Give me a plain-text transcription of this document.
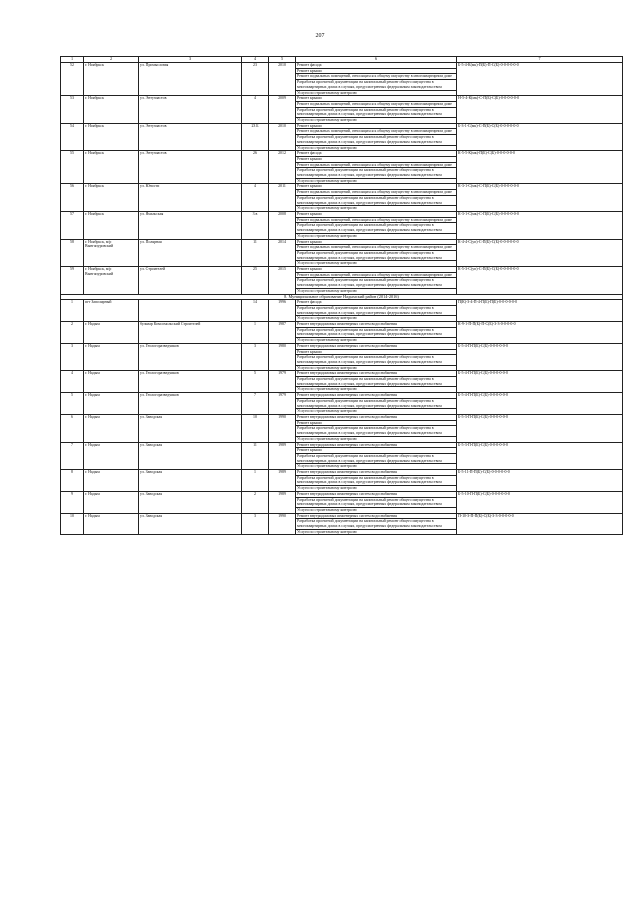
207
1	2	3	4	5	6	7
52	г. Ноябрьск	ул. Промысловая	23	2010	Ремонт фасада	Б-5-4-К(мк)-П(Б)-П-С(Б)-0-0-0-0-0-0
					Ремонт крыши	
					Ремонт подвальных помещений, относящихся к общему имуществу в многоквартирном доме	
					Разработка проектной документации на капитальный ремонт общего имущества в многоквартирных домах в случаях, предусмотренных федеральным законодательством	
					Услуги по строительному контролю	
53	г. Ноябрьск	ул. Энтузиастов	4	2009	Ремонт крыши	Н-5-4-К(мк)-С-П(Б)-С(Б)-0-0-0-0-0-0
					Ремонт подвальных помещений, относящихся к общему имуществу в многоквартирном доме	
					Разработка проектной документации на капитальный ремонт общего имущества в многоквартирных домах в случаях, предусмотренных федеральным законодательством	
					Услуги по строительному контролю	
54	г. Ноябрьск	ул. Энтузиастов	23 Б	2010	Ремонт крыши	Б-3-1-С(мк)-С-П(Б)-С(Б)-0-0-0-0-0-0
					Ремонт подвальных помещений, относящихся к общему имуществу в многоквартирном доме	
					Разработка проектной документации на капитальный ремонт общего имущества в многоквартирных домах в случаях, предусмотренных федеральным законодательством	
					Услуги по строительному контролю	
55	г. Ноябрьск	ул. Энтузиастов	26	2012	Ремонт фасада	К-5-5-К(мк)-П(Б)-С(Б)-0-0-0-0-0-0
					Ремонт крыши	
					Ремонт подвальных помещений, относящихся к общему имуществу в многоквартирном доме	
					Разработка проектной документации на капитальный ремонт общего имущества в многоквартирных домах в случаях, предусмотренных федеральным законодательством	
					Услуги по строительному контролю	
56	г. Ноябрьск	ул. Юности	4	2011	Ремонт крыши	К-3-1-С(мк)-С-П(Б)-С(Б)-0-0-0-0-0-0
					Ремонт подвальных помещений, относящихся к общему имуществу в многоквартирном доме	
					Разработка проектной документации на капитальный ремонт общего имущества в многоквартирных домах в случаях, предусмотренных федеральным законодательством	
					Услуги по строительному контролю	
57	г. Ноябрьск	ул. Ямальская	3 в	2008	Ремонт крыши	К-3-1-С(мк)-С-П(Б)-С(Б)-0-0-0-0-0-0
					Ремонт подвальных помещений, относящихся к общему имуществу в многоквартирном доме	
					Разработка проектной документации на капитальный ремонт общего имущества в многоквартирных домах в случаях, предусмотренных федеральным законодательством	
					Услуги по строительному контролю	
58	г. Ноябрьск, м/р Вынгапуровский	ул. Полярная	11	2014	Ремонт крыши	К-4-4-С(уп)-С-П(Б)-С(Б)-0-0-0-0-0-0
					Ремонт подвальных помещений, относящихся к общему имуществу в многоквартирном доме	
					Разработка проектной документации на капитальный ремонт общего имущества в многоквартирных домах в случаях, предусмотренных федеральным законодательством	
					Услуги по строительному контролю	
59	г. Ноябрьск, м/р Вынгапуровский	ул. Строителей	25	2015	Ремонт крыши	К-5-3-С(уп)-С-П(Б)-С(Б)-0-0-0-0-0-0
					Ремонт подвальных помещений, относящихся к общему имуществу в многоквартирном доме	
					Разработка проектной документации на капитальный ремонт общего имущества в многоквартирных домах в случаях, предусмотренных федеральным законодательством	
					Услуги по строительному контролю	
8. Муниципальное образование Надымский район (2014-2016)						
1	пгт Заполярный		14	1996	Ремонт фасада	П(К)-3-4-П-4-П(Б)-П(Б)-0-0-0-0-0-0
					Разработка проектной документации на капитальный ремонт общего имущества в многоквартирных домах в случаях, предусмотренных федеральным законодательством	
					Услуги по строительному контролю	
2	г. Надым	бульвар Комсомольский Строителей	1	1987	Ремонт внутридомовых инженерных систем водоснабжения	К-9-1-П-П(Б)-П-С(Б)-3-3-0-0-0-0-0
					Разработка проектной документации на капитальный ремонт общего имущества в многоквартирных домах в случаях, предусмотренных федеральным законодательством	
					Услуги по строительному контролю	
3	г. Надым	ул. Геологоразведчиков	3	1980	Ремонт внутридомовых инженерных систем водоснабжения	Б-5-4-П-П(Б)-С(Б)-0-0-0-0-0-0
					Ремонт крыши	
					Разработка проектной документации на капитальный ремонт общего имущества в многоквартирных домах в случаях, предусмотренных федеральным законодательством	
					Услуги по строительному контролю	
4	г. Надым	ул. Геологоразведчиков	5	1979	Ремонт внутридомовых инженерных систем водоснабжения	Б-5-4-П-П(Б)-С(Б)-0-0-0-0-0-0
					Разработка проектной документации на капитальный ремонт общего имущества в многоквартирных домах в случаях, предусмотренных федеральным законодательством	
					Услуги по строительному контролю	
5	г. Надым	ул. Геологоразведчиков	7	1979	Ремонт внутридомовых инженерных систем водоснабжения	Б-5-4-П-П(Б)-С(Б)-0-0-0-0-0-0
					Разработка проектной документации на капитальный ремонт общего имущества в многоквартирных домах в случаях, предусмотренных федеральным законодательством	
					Услуги по строительному контролю	
6	г. Надым	ул. Заводская	10	1990	Ремонт внутридомовых инженерных систем водоснабжения	Б-5-3-П-П(Б)-С(Б)-0-0-0-0-0-0
					Ремонт крыши	
					Разработка проектной документации на капитальный ремонт общего имущества в многоквартирных домах в случаях, предусмотренных федеральным законодательством	
					Услуги по строительному контролю	
7	г. Надым	ул. Заводская	11	1989	Ремонт внутридомовых инженерных систем водоснабжения	Б-5-3-П-П(Б)-С(Б)-0-0-0-0-0-0
					Ремонт крыши	
					Разработка проектной документации на капитальный ремонт общего имущества в многоквартирных домах в случаях, предусмотренных федеральным законодательством	
					Услуги по строительному контролю	
8	г. Надым	ул. Заводская	1	1989	Ремонт внутридомовых инженерных систем водоснабжения	Б-5-11-П-П(Б)-С(Б)-0-0-0-0-0-0
					Разработка проектной документации на капитальный ремонт общего имущества в многоквартирных домах в случаях, предусмотренных федеральным законодательством	
					Услуги по строительному контролю	
9	г. Надым	ул. Заводская	2	1989	Ремонт внутридомовых инженерных систем водоснабжения	Б-5-10-П-П(Б)-С(Б)-0-0-0-0-0-0
					Разработка проектной документации на капитальный ремонт общего имущества в многоквартирных домах в случаях, предусмотренных федеральным законодательством	
					Услуги по строительному контролю	
10	г. Надым	ул. Заводская	3	1990	Ремонт внутридомовых инженерных систем водоснабжения	П-10-3-П-П(Б)-С(Б)-3-3-0-0-0-0-0
					Разработка проектной документации на капитальный ремонт общего имущества в многоквартирных домах в случаях, предусмотренных федеральным законодательством	
					Услуги по строительному контролю	
